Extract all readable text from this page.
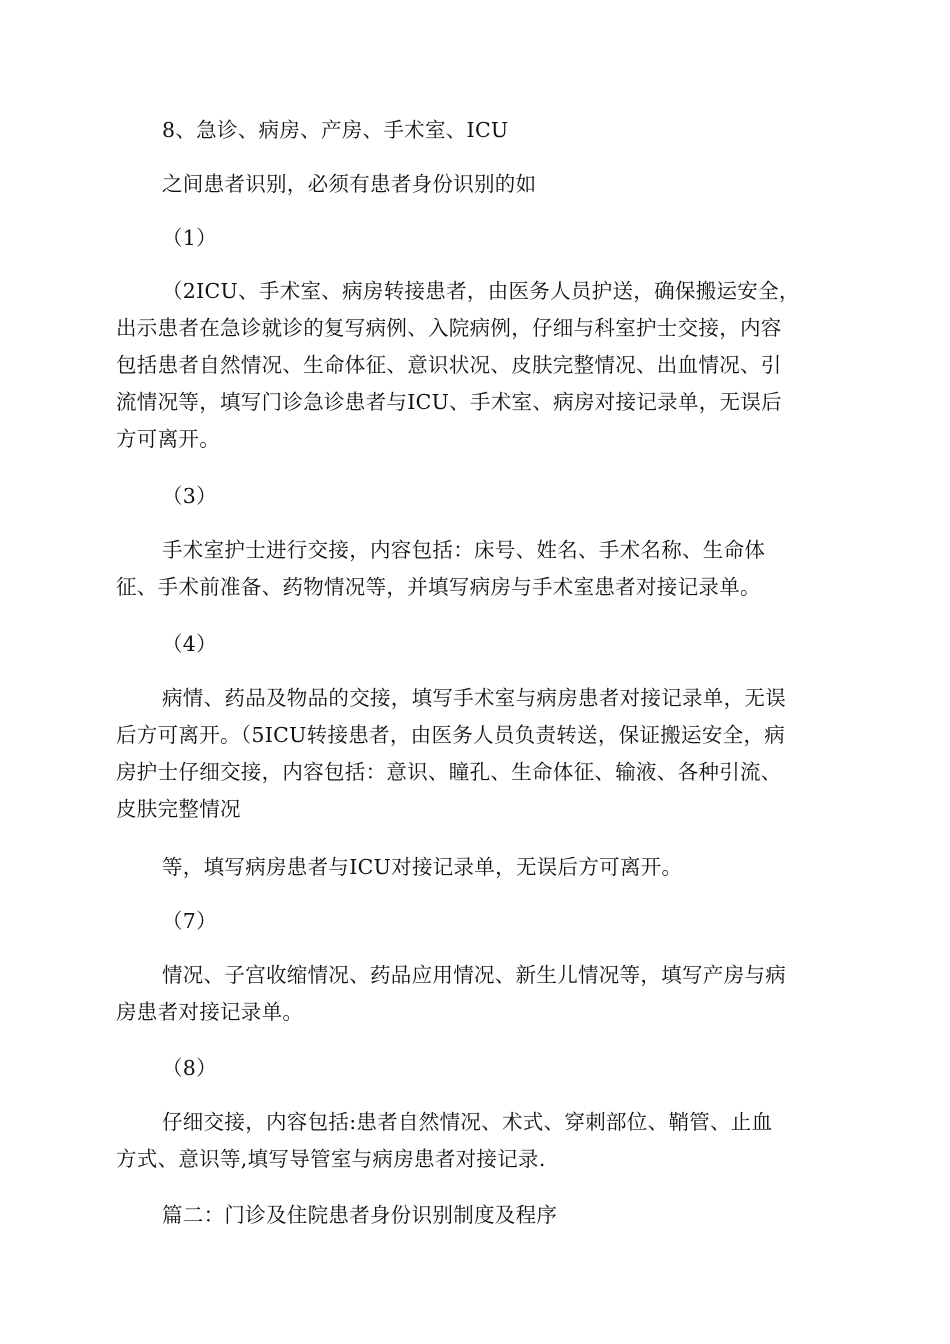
8、急诊、病房、产房、手术室、ICU

之间患者识别，必须有患者身份识别的如

（1）

（2ICU、手术室、病房转接患者，由医务人员护送，确保搬运安全，
出示患者在急诊就诊的复写病例、入院病例，仔细与科室护士交接，内容
包括患者自然情况、生命体征、意识状况、皮肤完整情况、出血情况、引
流情况等，填写门诊急诊患者与ICU、手术室、病房对接记录单，无误后
方可离开。

（3）

手术室护士进行交接，内容包括：床号、姓名、手术名称、生命体
征、手术前准备、药物情况等，并填写病房与手术室患者对接记录单。

（4）

病情、药品及物品的交接，填写手术室与病房患者对接记录单，无误
后方可离开。（5ICU转接患者，由医务人员负责转送，保证搬运安全，病
房护士仔细交接，内容包括：意识、瞳孔、生命体征、输液、各种引流、
皮肤完整情况

等，填写病房患者与ICU对接记录单，无误后方可离开。

（7）

情况、子宫收缩情况、药品应用情况、新生儿情况等，填写产房与病
房患者对接记录单。

（8）

仔细交接，内容包括:患者自然情况、术式、穿刺部位、鞘管、止血
方式、意识等,填写导管室与病房患者对接记录.

篇二：门诊及住院患者身份识别制度及程序
